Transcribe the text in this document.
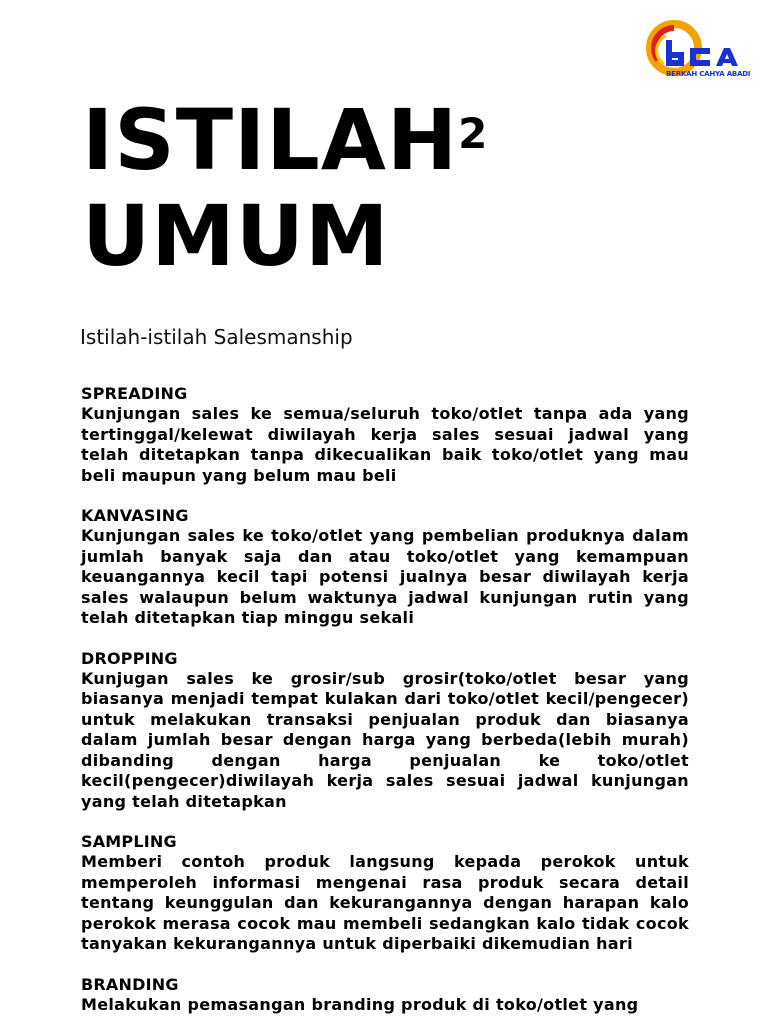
BERKAH CAHYA ABADI
ISTILAH$^2$
UMUM
Istilah-istilah Salesmanship
SPREADING
Kunjungan sales ke semua/seluruh toko/otlet tanpa ada yang tertinggal/kelewat diwilayah kerja sales sesuai jadwal yang telah ditetapkan tanpa dikecualikan baik toko/otlet yang mau beli maupun yang belum mau beli
KANVASING
Kunjungan sales ke toko/otlet yang pembelian produknya dalam jumlah banyak saja dan atau toko/otlet yang kemampuan keuangannya kecil tapi potensi jualnya besar diwilayah kerja sales walaupun belum waktunya jadwal kunjungan rutin yang telah ditetapkan tiap minggu sekali
DROPPING
Kunjugan sales ke grosir/sub grosir(toko/otlet besar yang biasanya menjadi tempat kulakan dari toko/otlet kecil/pengecer) untuk melakukan transaksi penjualan produk dan biasanya dalam jumlah besar dengan harga yang berbeda(lebih murah) dibanding dengan harga penjualan ke toko/otlet kecil(pengecer)diwilayah kerja sales sesuai jadwal kunjungan yang telah ditetapkan
SAMPLING
Memberi contoh produk langsung kepada perokok untuk memperoleh informasi mengenai rasa produk secara detail tentang keunggulan dan kekurangannya dengan harapan kalo perokok merasa cocok mau membeli sedangkan kalo tidak cocok tanyakan kekurangannya untuk diperbaiki dikemudian hari
BRANDING
Melakukan pemasangan branding produk di toko/otlet yang
